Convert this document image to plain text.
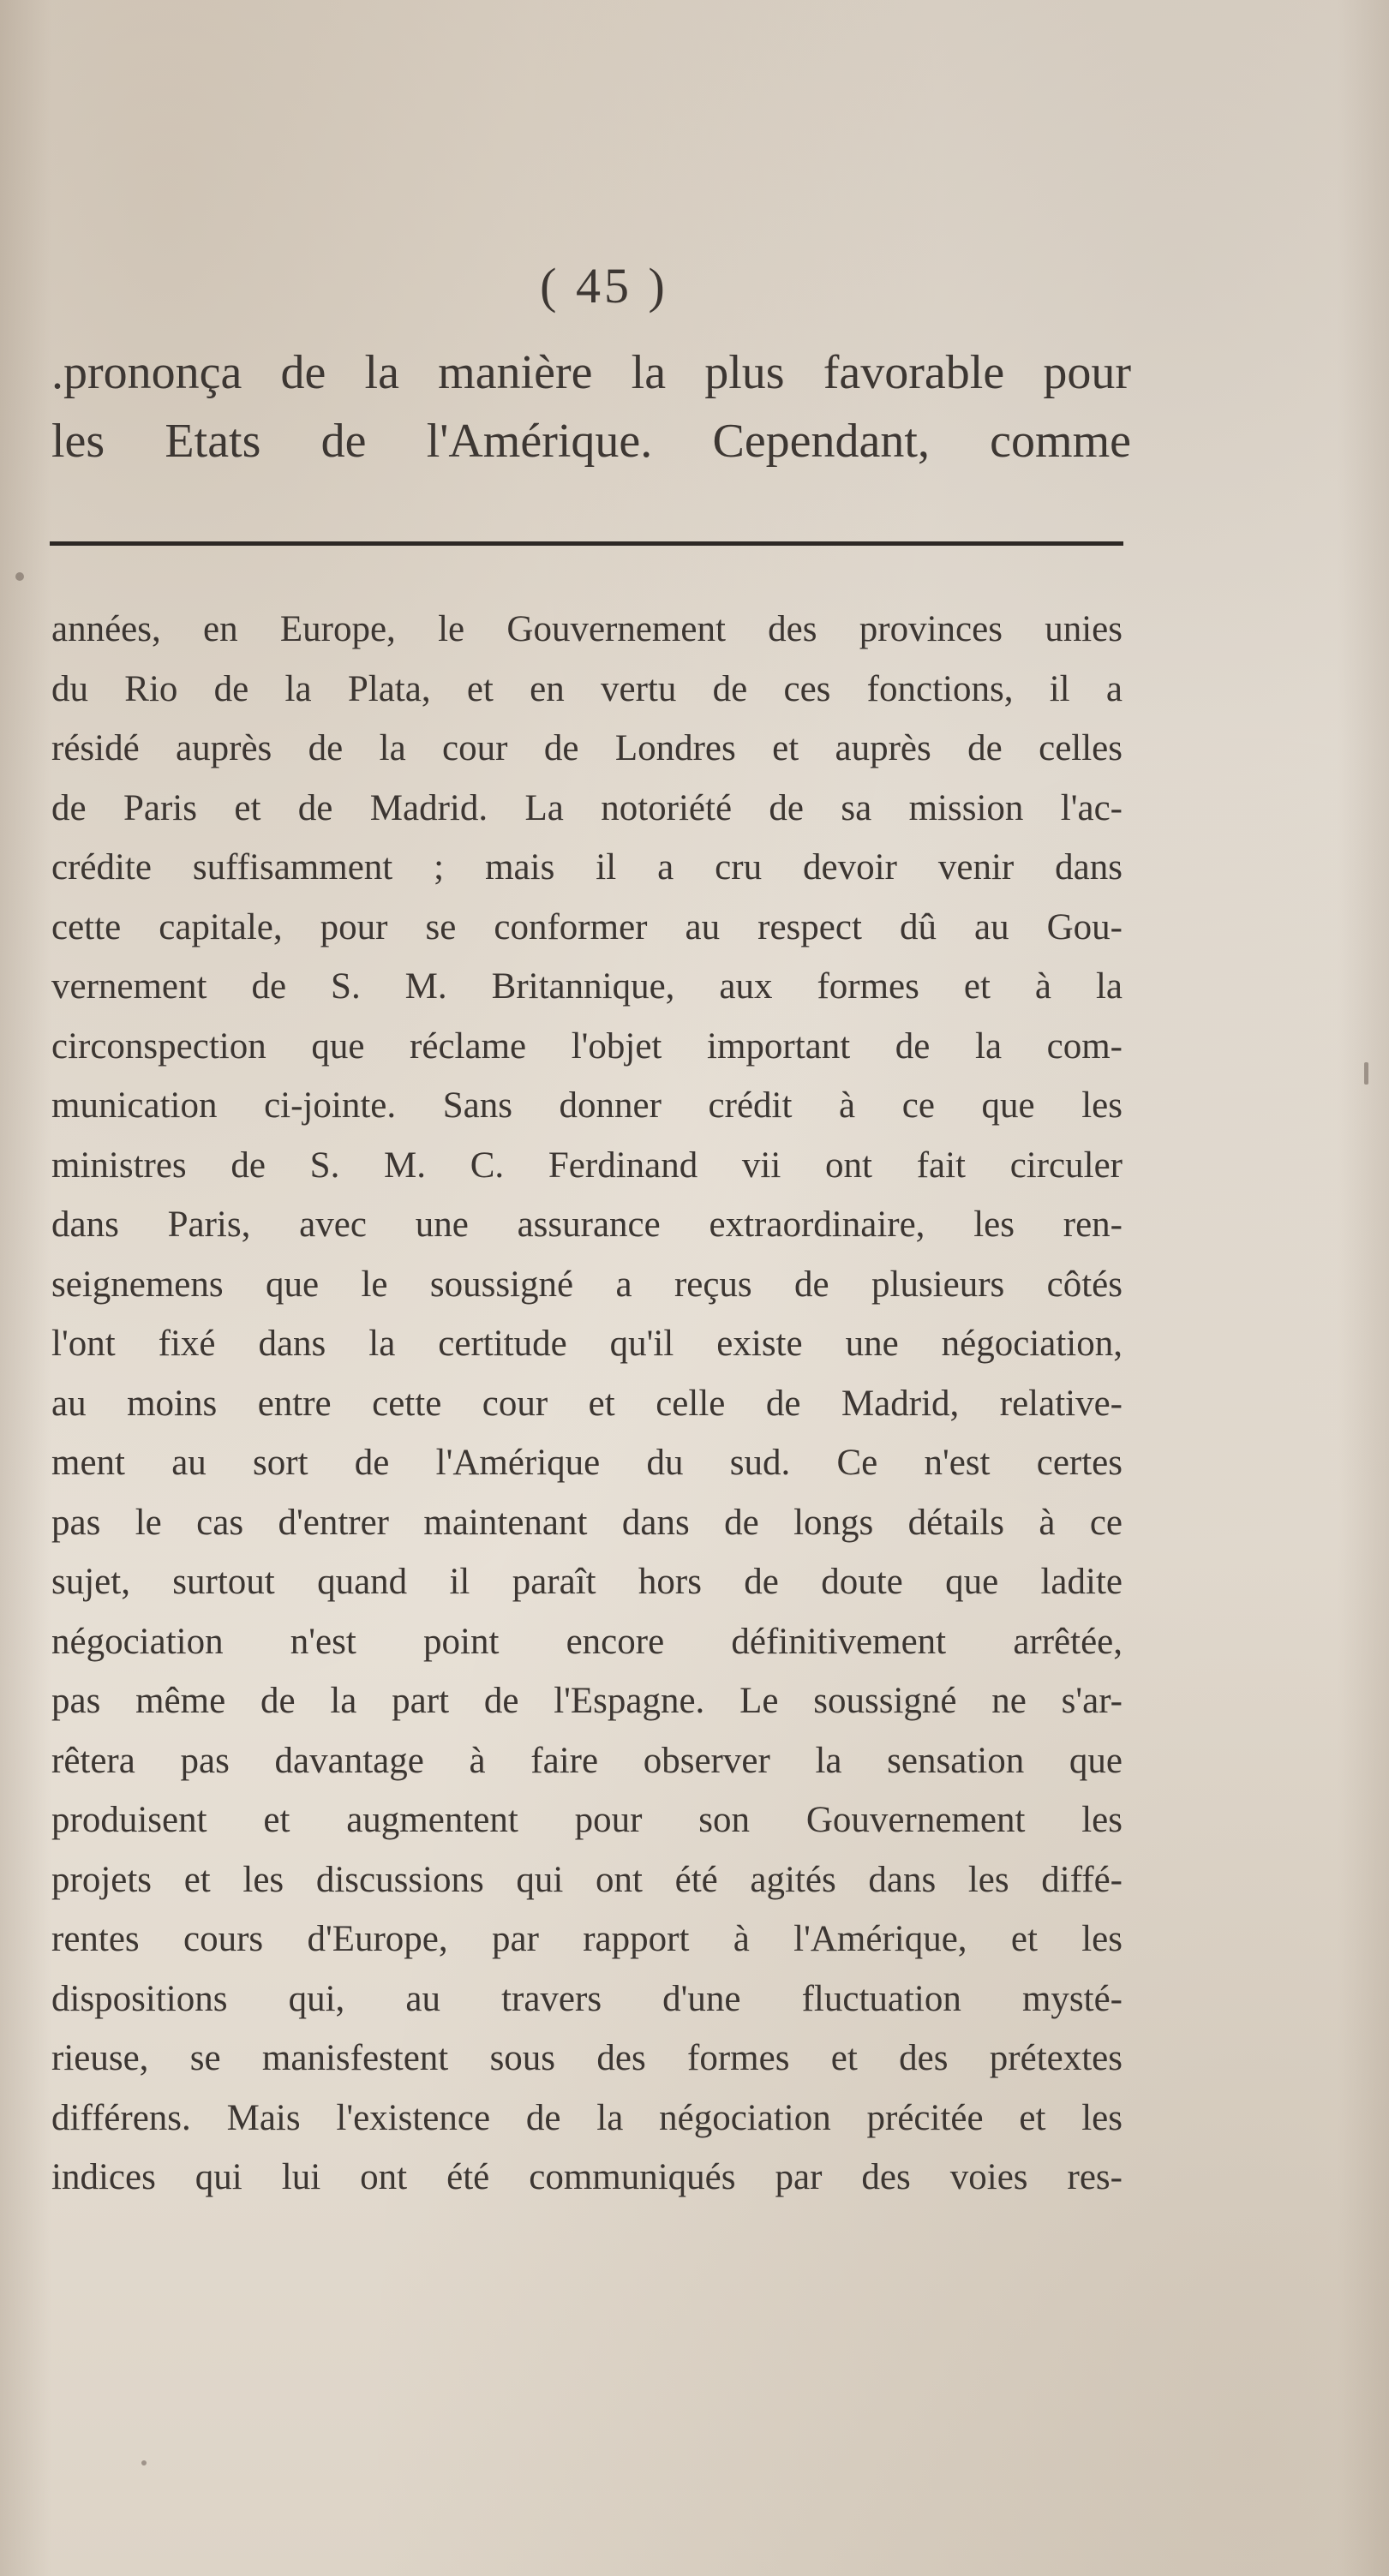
( 45 )
.prononça de la manière la plus favorable pour
les Etats de l'Amérique. Cependant, comme
années, en Europe, le Gouvernement des provinces unies
du Rio de la Plata, et en vertu de ces fonctions, il a
résidé auprès de la cour de Londres et auprès de celles
de Paris et de Madrid. La notoriété de sa mission l'ac-
crédite suffisamment ; mais il a cru devoir venir dans
cette capitale, pour se conformer au respect dû au Gou-
vernement de S. M. Britannique, aux formes et à la
circonspection que réclame l'objet important de la com-
munication ci-jointe. Sans donner crédit à ce que les
ministres de S. M. C. Ferdinand vii ont fait circuler
dans Paris, avec une assurance extraordinaire, les ren-
seignemens que le soussigné a reçus de plusieurs côtés
l'ont fixé dans la certitude qu'il existe une négociation,
au moins entre cette cour et celle de Madrid, relative-
ment au sort de l'Amérique du sud. Ce n'est certes
pas le cas d'entrer maintenant dans de longs détails à ce
sujet, surtout quand il paraît hors de doute que ladite
négociation n'est point encore définitivement arrêtée,
pas même de la part de l'Espagne. Le soussigné ne s'ar-
rêtera pas davantage à faire observer la sensation que
produisent et augmentent pour son Gouvernement les
projets et les discussions qui ont été agités dans les diffé-
rentes cours d'Europe, par rapport à l'Amérique, et les
dispositions qui, au travers d'une fluctuation mysté-
rieuse, se manisfestent sous des formes et des prétextes
différens. Mais l'existence de la négociation précitée et les
indices qui lui ont été communiqués par des voies res-
